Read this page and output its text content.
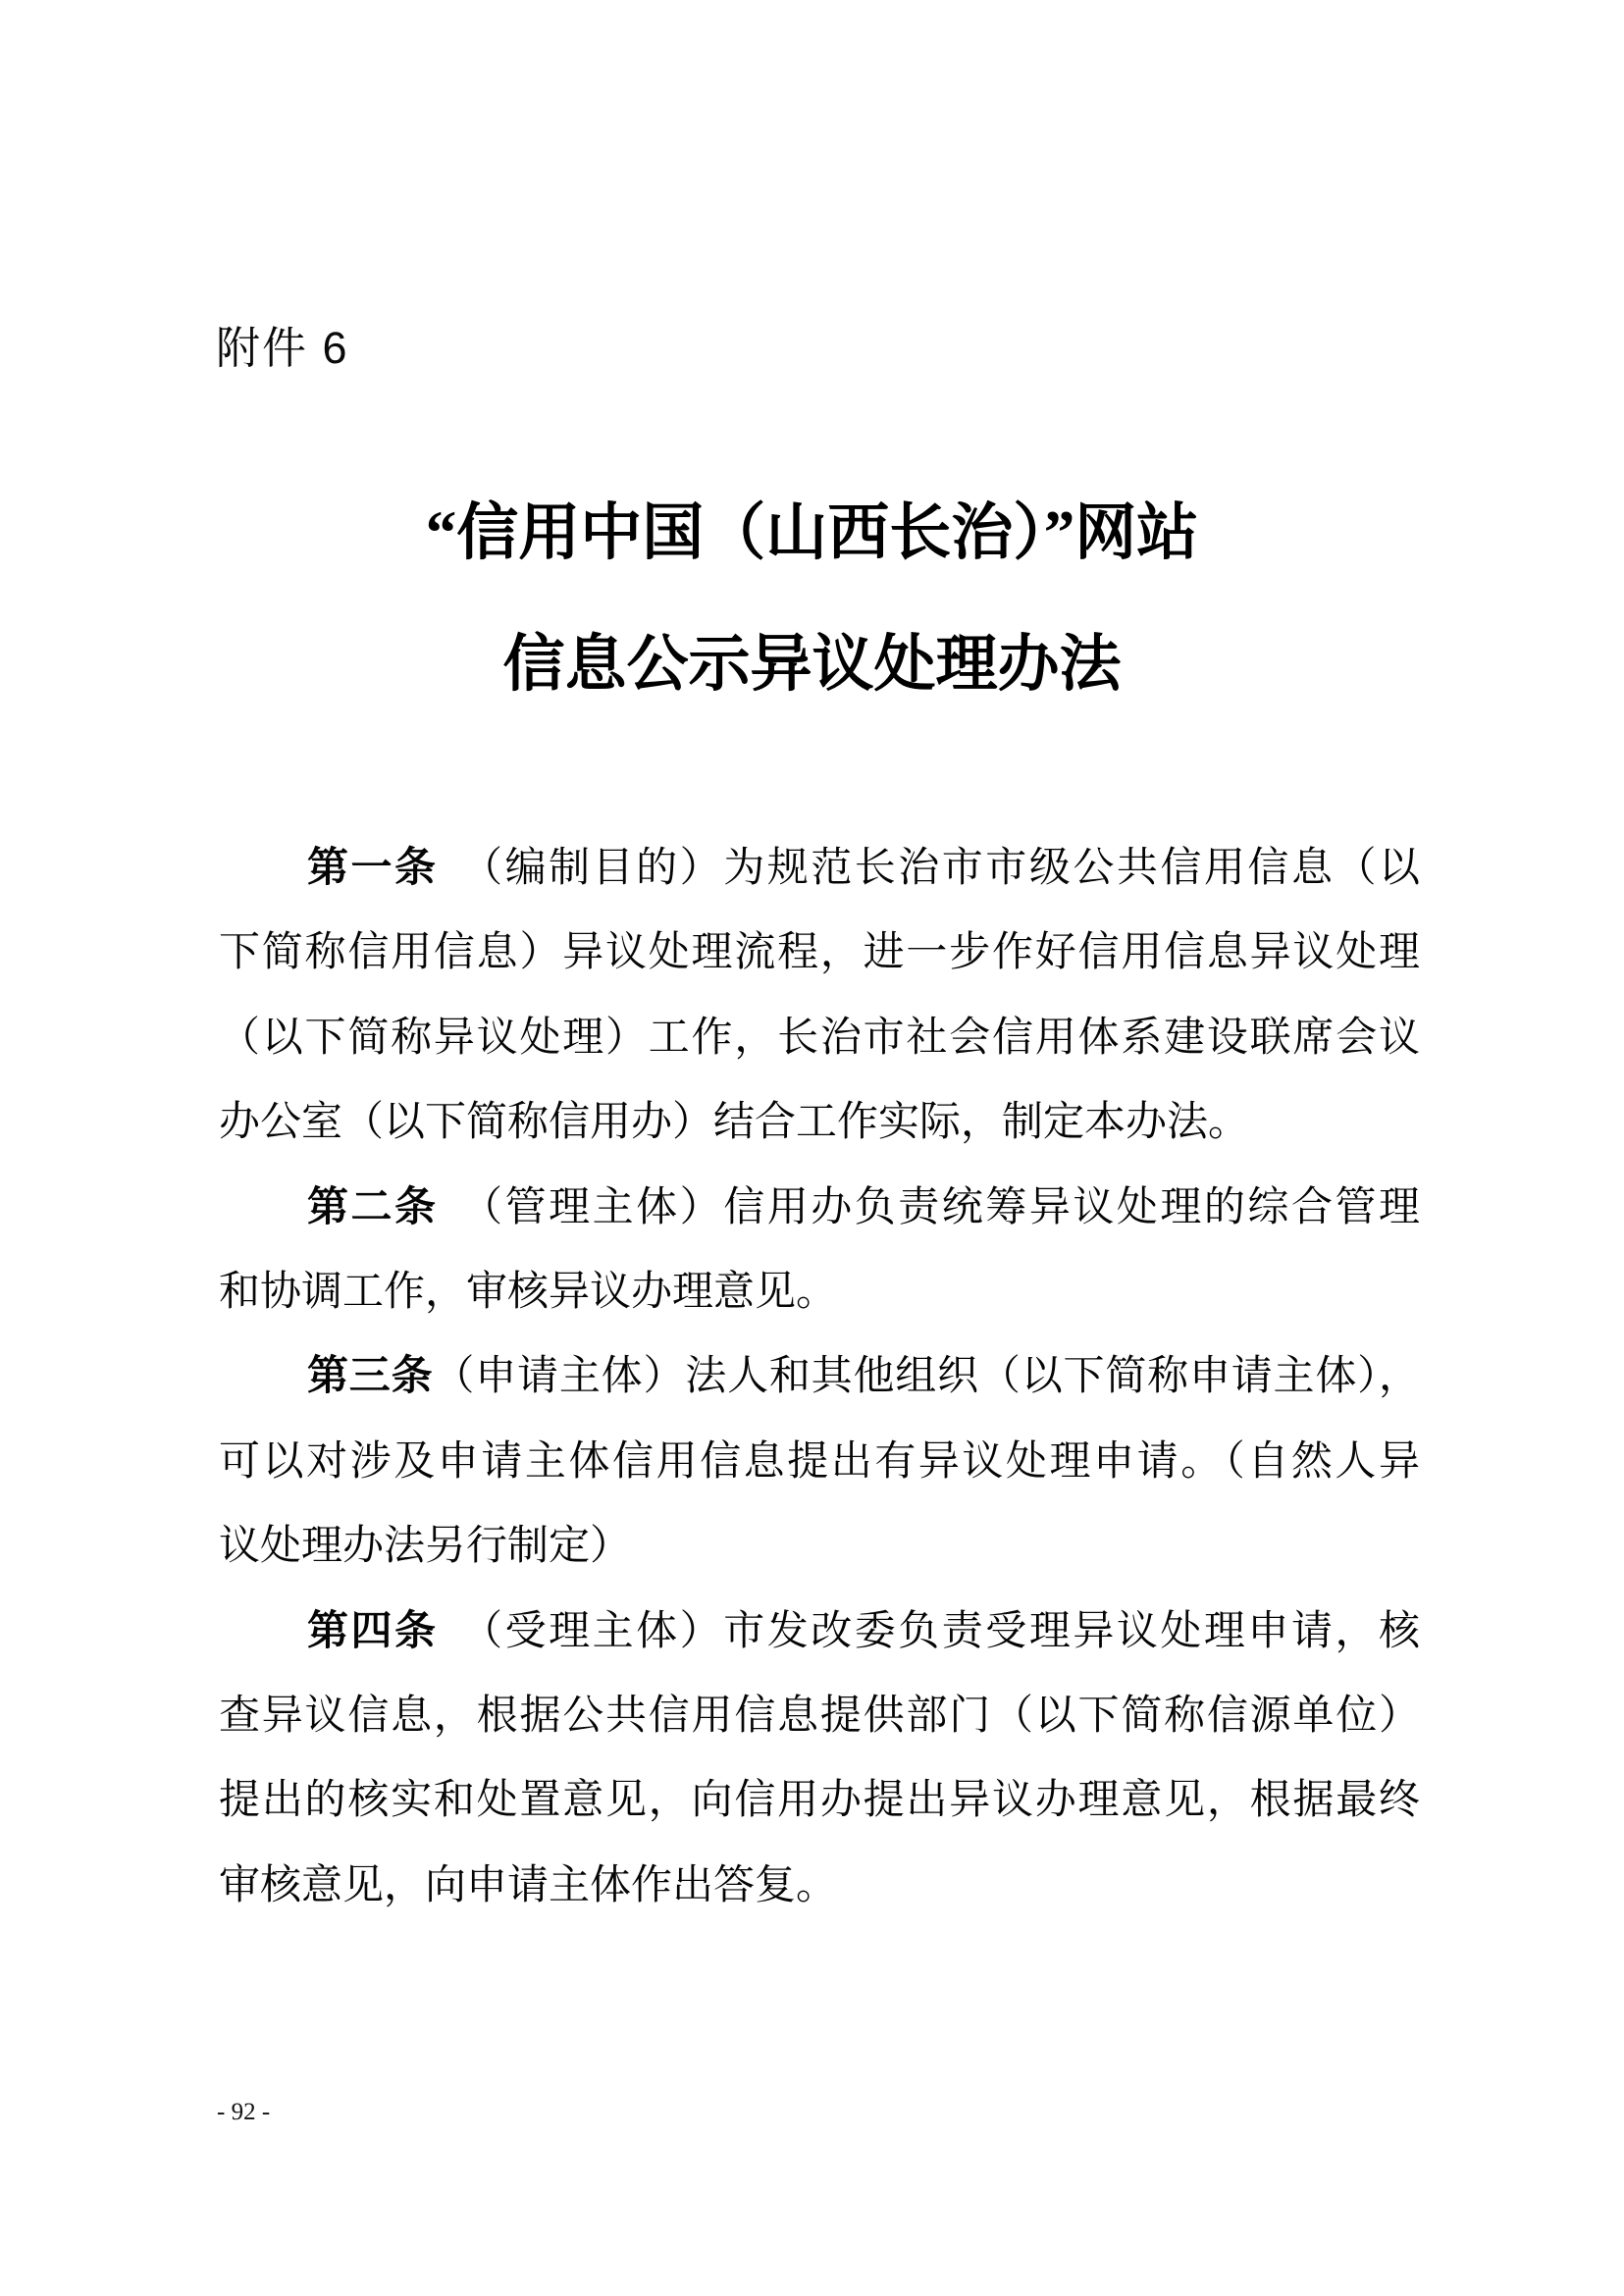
附件 6
“信用中国（山西长治）”网站
信息公示异议处理办法
第一条　（编制目的）为规范长治市市级公共信用信息（以
下简称信用信息）异议处理流程，进一步作好信用信息异议处理
（以下简称异议处理）工作，长治市社会信用体系建设联席会议
办公室（以下简称信用办）结合工作实际，制定本办法。
第二条　（管理主体）信用办负责统筹异议处理的综合管理
和协调工作，审核异议办理意见。
第三条（申请主体）法人和其他组织（以下简称申请主体），
可以对涉及申请主体信用信息提出有异议处理申请。（自然人异
议处理办法另行制定）
第四条　（受理主体）市发改委负责受理异议处理申请，核
查异议信息，根据公共信用信息提供部门（以下简称信源单位）
提出的核实和处置意见，向信用办提出异议办理意见，根据最终
审核意见，向申请主体作出答复。
- 92 -
